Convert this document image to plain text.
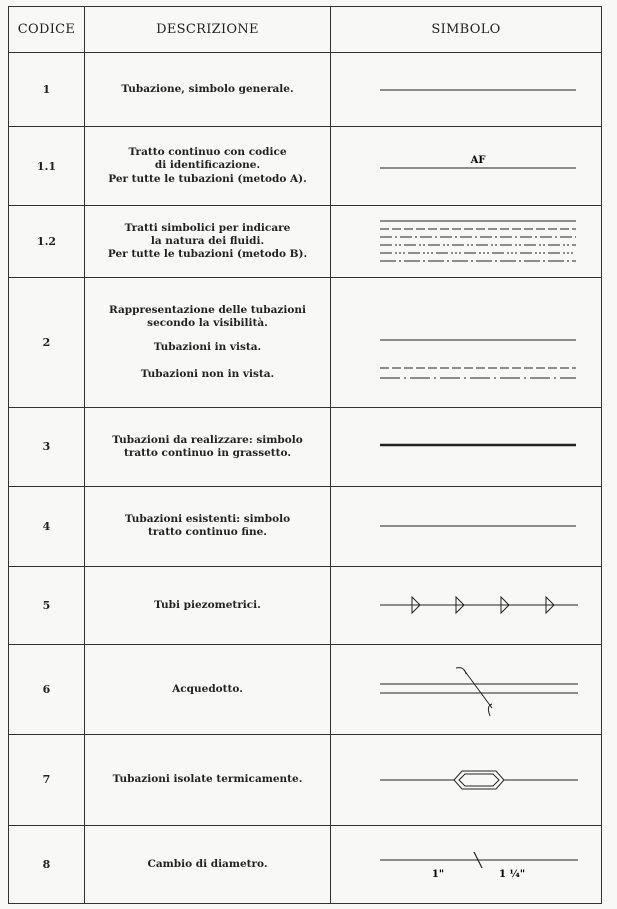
CODICE	DESCRIZIONE	SIMBOLO
1	Tubazione, simbolo generale.

1.1	Tratto continuo con codice
di identificazione.
Per tutte le tubazioni (metodo A).	AF

1.2	Tratti simbolici per indicare
la natura dei fluidi.
Per tutte le tubazioni (metodo B).

2	Rappresentazione delle tubazioni
secondo la visibilità.
Tubazioni in vista.
Tubazioni non in vista.

3	Tubazioni da realizzare: simbolo
tratto continuo in grassetto.

4	Tubazioni esistenti: simbolo
tratto continuo fine.

5	Tubi piezometrici.

6	Acquedotto.

7	Tubazioni isolate termicamente.

8	Cambio di diametro.	1" 1 ¼"
